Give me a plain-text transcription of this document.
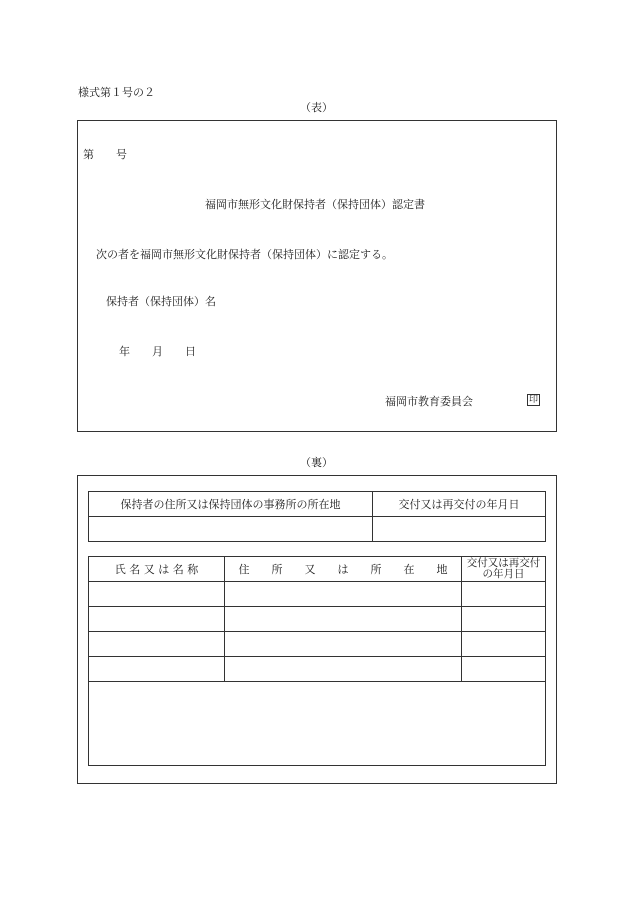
様式第１号の２
（表）
第　　号
福岡市無形文化財保持者（保持団体）認定書
次の者を福岡市無形文化財保持者（保持団体）に認定する。
保持者（保持団体）名
年　　月　　日
福岡市教育委員会	印
（裏）
保持者の住所又は保持団体の事務所の所在地	交付又は再交付の年月日

氏 名 又 は 名 称	住　　所　　又　　は　　所　　在　　地	交付又は再交付の年月日
